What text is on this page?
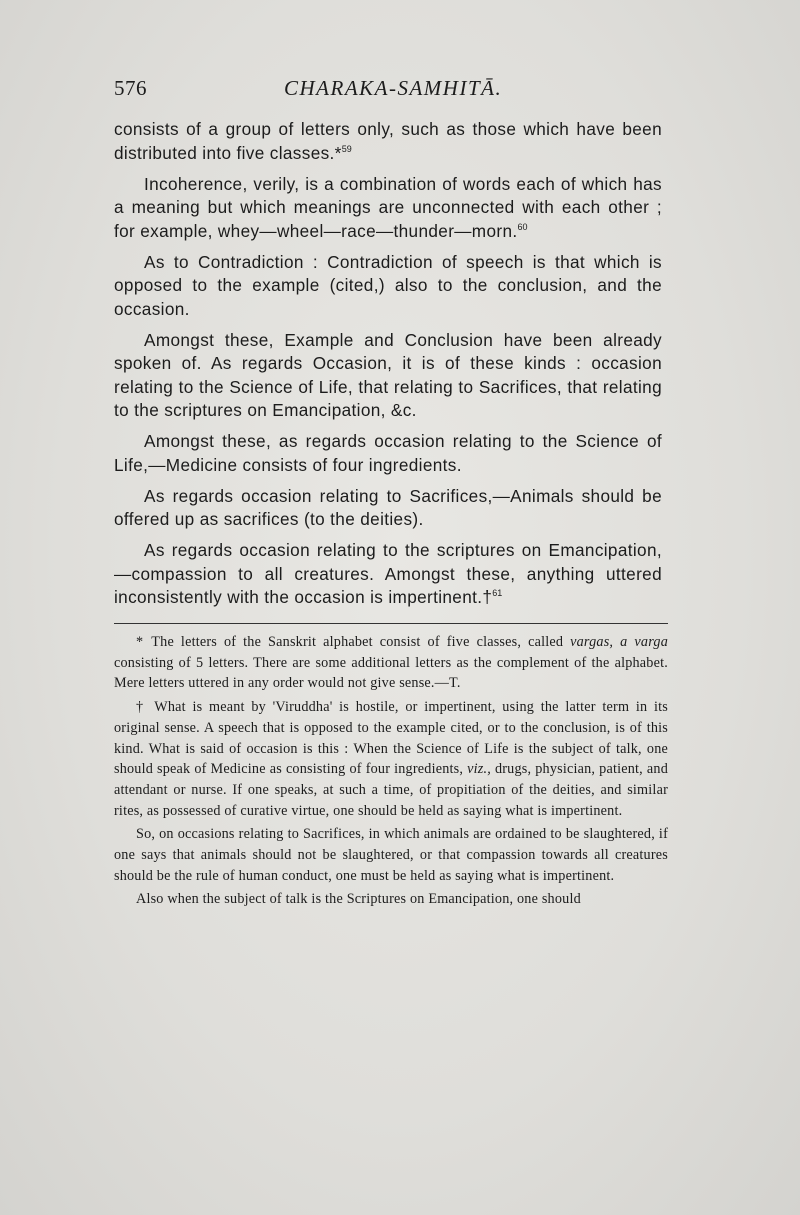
576	CHARAKA-SAMHITĀ.

consists of a group of letters only, such as those which have been distributed into five classes.*$^{59}$

Incoherence, verily, is a combination of words each of which has a meaning but which meanings are unconnected with each other ; for example, whey—wheel—race—thunder—morn.$^{60}$

As to Contradiction : Contradiction of speech is that which is opposed to the example (cited,) also to the conclusion, and the occasion.

Amongst these, Example and Conclusion have been already spoken of. As regards Occasion, it is of these kinds : occasion relating to the Science of Life, that relating to Sacrifices, that relating to the scriptures on Emancipation, &c.

Amongst these, as regards occasion relating to the Science of Life,—Medicine consists of four ingredients.

As regards occasion relating to Sacrifices,—Animals should be offered up as sacrifices (to the deities).

As regards occasion relating to the scriptures on Emancipation, —compassion to all creatures. Amongst these, anything uttered inconsistently with the occasion is impertinent.†$^{61}$

* The letters of the Sanskrit alphabet consist of five classes, called vargas, a varga consisting of 5 letters. There are some additional letters as the complement of the alphabet. Mere letters uttered in any order would not give sense.—T.

† What is meant by 'Viruddha' is hostile, or impertinent, using the latter term in its original sense. A speech that is opposed to the example cited, or to the conclusion, is of this kind. What is said of occasion is this : When the Science of Life is the subject of talk, one should speak of Medicine as consisting of four ingredients, viz., drugs, physician, patient, and attendant or nurse. If one speaks, at such a time, of propitiation of the deities, and similar rites, as possessed of curative virtue, one should be held as saying what is impertinent.

So, on occasions relating to Sacrifices, in which animals are ordained to be slaughtered, if one says that animals should not be slaughtered, or that compassion towards all creatures should be the rule of human conduct, one must be held as saying what is impertinent.

Also when the subject of talk is the Scriptures on Emancipation, one should
